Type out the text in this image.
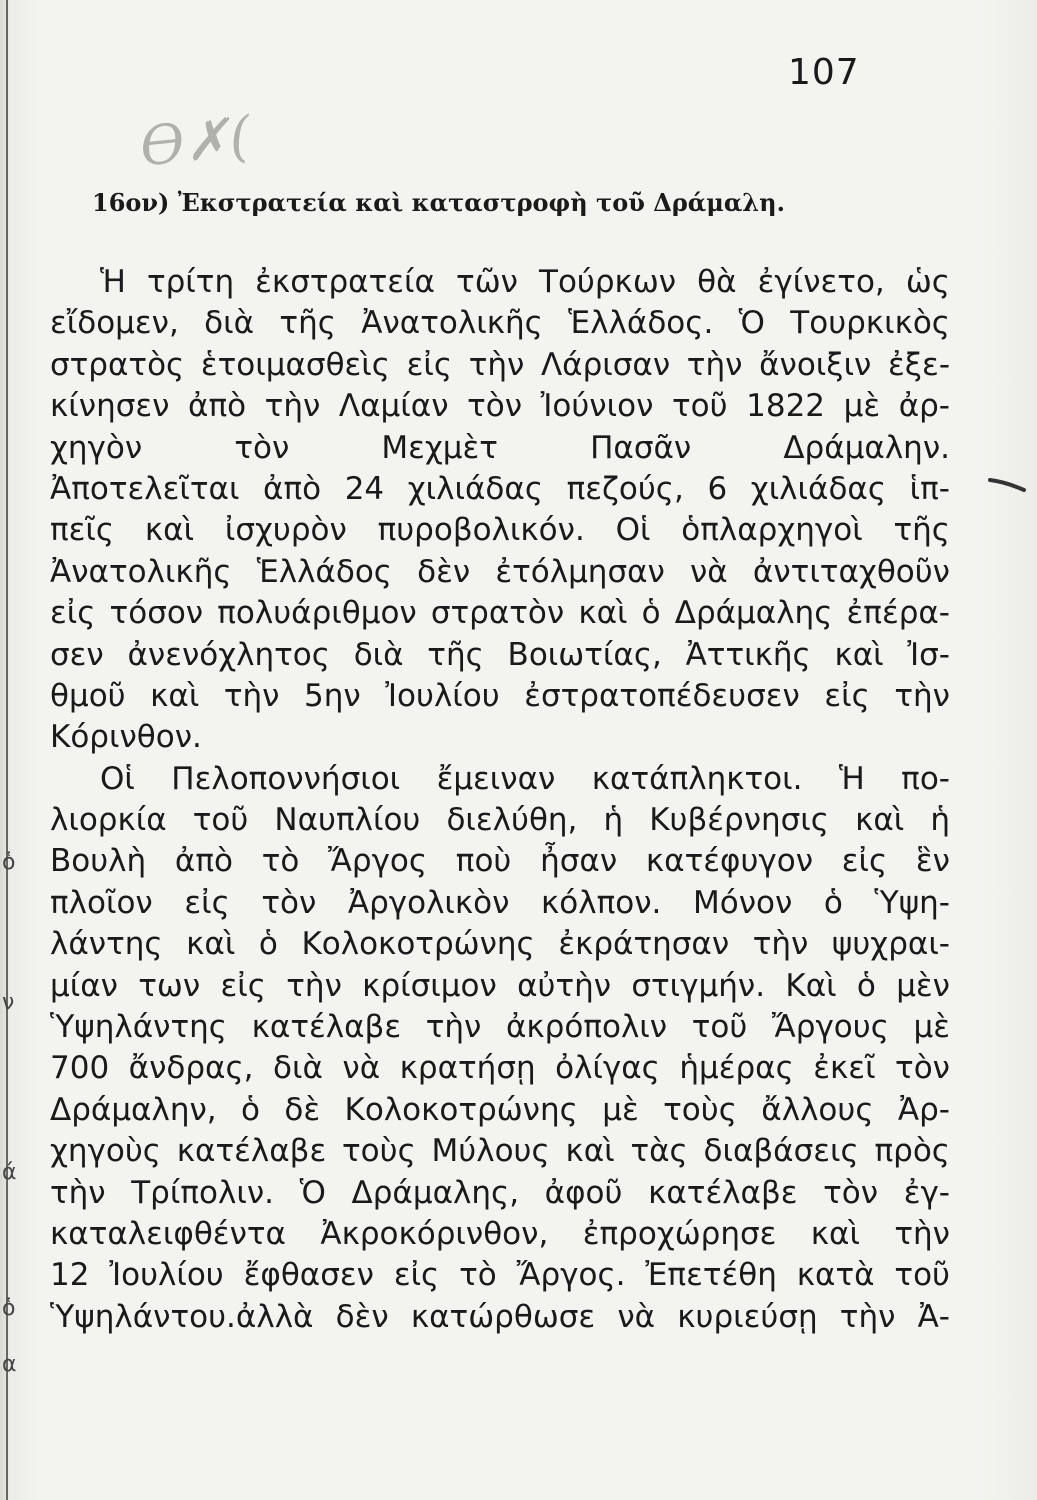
ὁ
ν
ά
ὁ
α
107
Ѳ✗(
16ον) Ἐκστρατεία καὶ καταστροφὴ τοῦ Δράμαλη.
Ἡ τρίτη ἐκστρατεία τῶν Τούρκων θὰ ἐγίνετο, ὡς
εἴδομεν, διὰ τῆς Ἀνατολικῆς Ἑλλάδος. Ὁ Τουρκικὸς
στρατὸς ἑτοιμασθεὶς εἰς τὴν Λάρισαν τὴν ἄνοιξιν ἐξε-
κίνησεν ἀπὸ τὴν Λαμίαν τὸν Ἰούνιον τοῦ 1822 μὲ ἀρ-
χηγὸν τὸν Μεχμὲτ Πασᾶν Δράμαλην.
Ἀποτελεῖται ἀπὸ 24 χιλιάδας πεζούς, 6 χιλιάδας ἱπ-
πεῖς καὶ ἰσχυρὸν πυροβολικόν. Οἱ ὁπλαρχηγοὶ τῆς
Ἀνατολικῆς Ἑλλάδος δὲν ἐτόλμησαν νὰ ἀντιταχθοῦν
εἰς τόσον πολυάριθμον στρατὸν καὶ ὁ Δράμαλης ἐπέρα-
σεν ἀνενόχλητος διὰ τῆς Βοιωτίας, Ἀττικῆς καὶ Ἰσ-
θμοῦ καὶ τὴν 5ην Ἰουλίου ἐστρατοπέδευσεν εἰς τὴν
Κόρινθον.
Οἱ Πελοποννήσιοι ἔμειναν κατάπληκτοι. Ἡ πο-
λιορκία τοῦ Ναυπλίου διελύθη, ἡ Κυβέρνησις καὶ ἡ
Βουλὴ ἀπὸ τὸ Ἄργος ποὺ ἦσαν κατέφυγον εἰς ἓν
πλοῖον εἰς τὸν Ἀργολικὸν κόλπον. Μόνον ὁ Ὑψη-
λάντης καὶ ὁ Κολοκοτρώνης ἐκράτησαν τὴν ψυχραι-
μίαν των εἰς τὴν κρίσιμον αὐτὴν στιγμήν. Καὶ ὁ μὲν
Ὑψηλάντης κατέλαβε τὴν ἀκρόπολιν τοῦ Ἄργους μὲ
700 ἄνδρας, διὰ νὰ κρατήσῃ ὀλίγας ἡμέρας ἐκεῖ τὸν
Δράμαλην, ὁ δὲ Κολοκοτρώνης μὲ τοὺς ἄλλους Ἀρ-
χηγοὺς κατέλαβε τοὺς Μύλους καὶ τὰς διαβάσεις πρὸς
τὴν Τρίπολιν. Ὁ Δράμαλης, ἀφοῦ κατέλαβε τὸν ἐγ-
καταλειφθέντα Ἀκροκόρινθον, ἐπροχώρησε καὶ τὴν
12 Ἰουλίου ἔφθασεν εἰς τὸ Ἄργος. Ἐπετέθη κατὰ τοῦ
Ὑψηλάντου.ἀλλὰ δὲν κατώρθωσε νὰ κυριεύσῃ τὴν Ἀ-
